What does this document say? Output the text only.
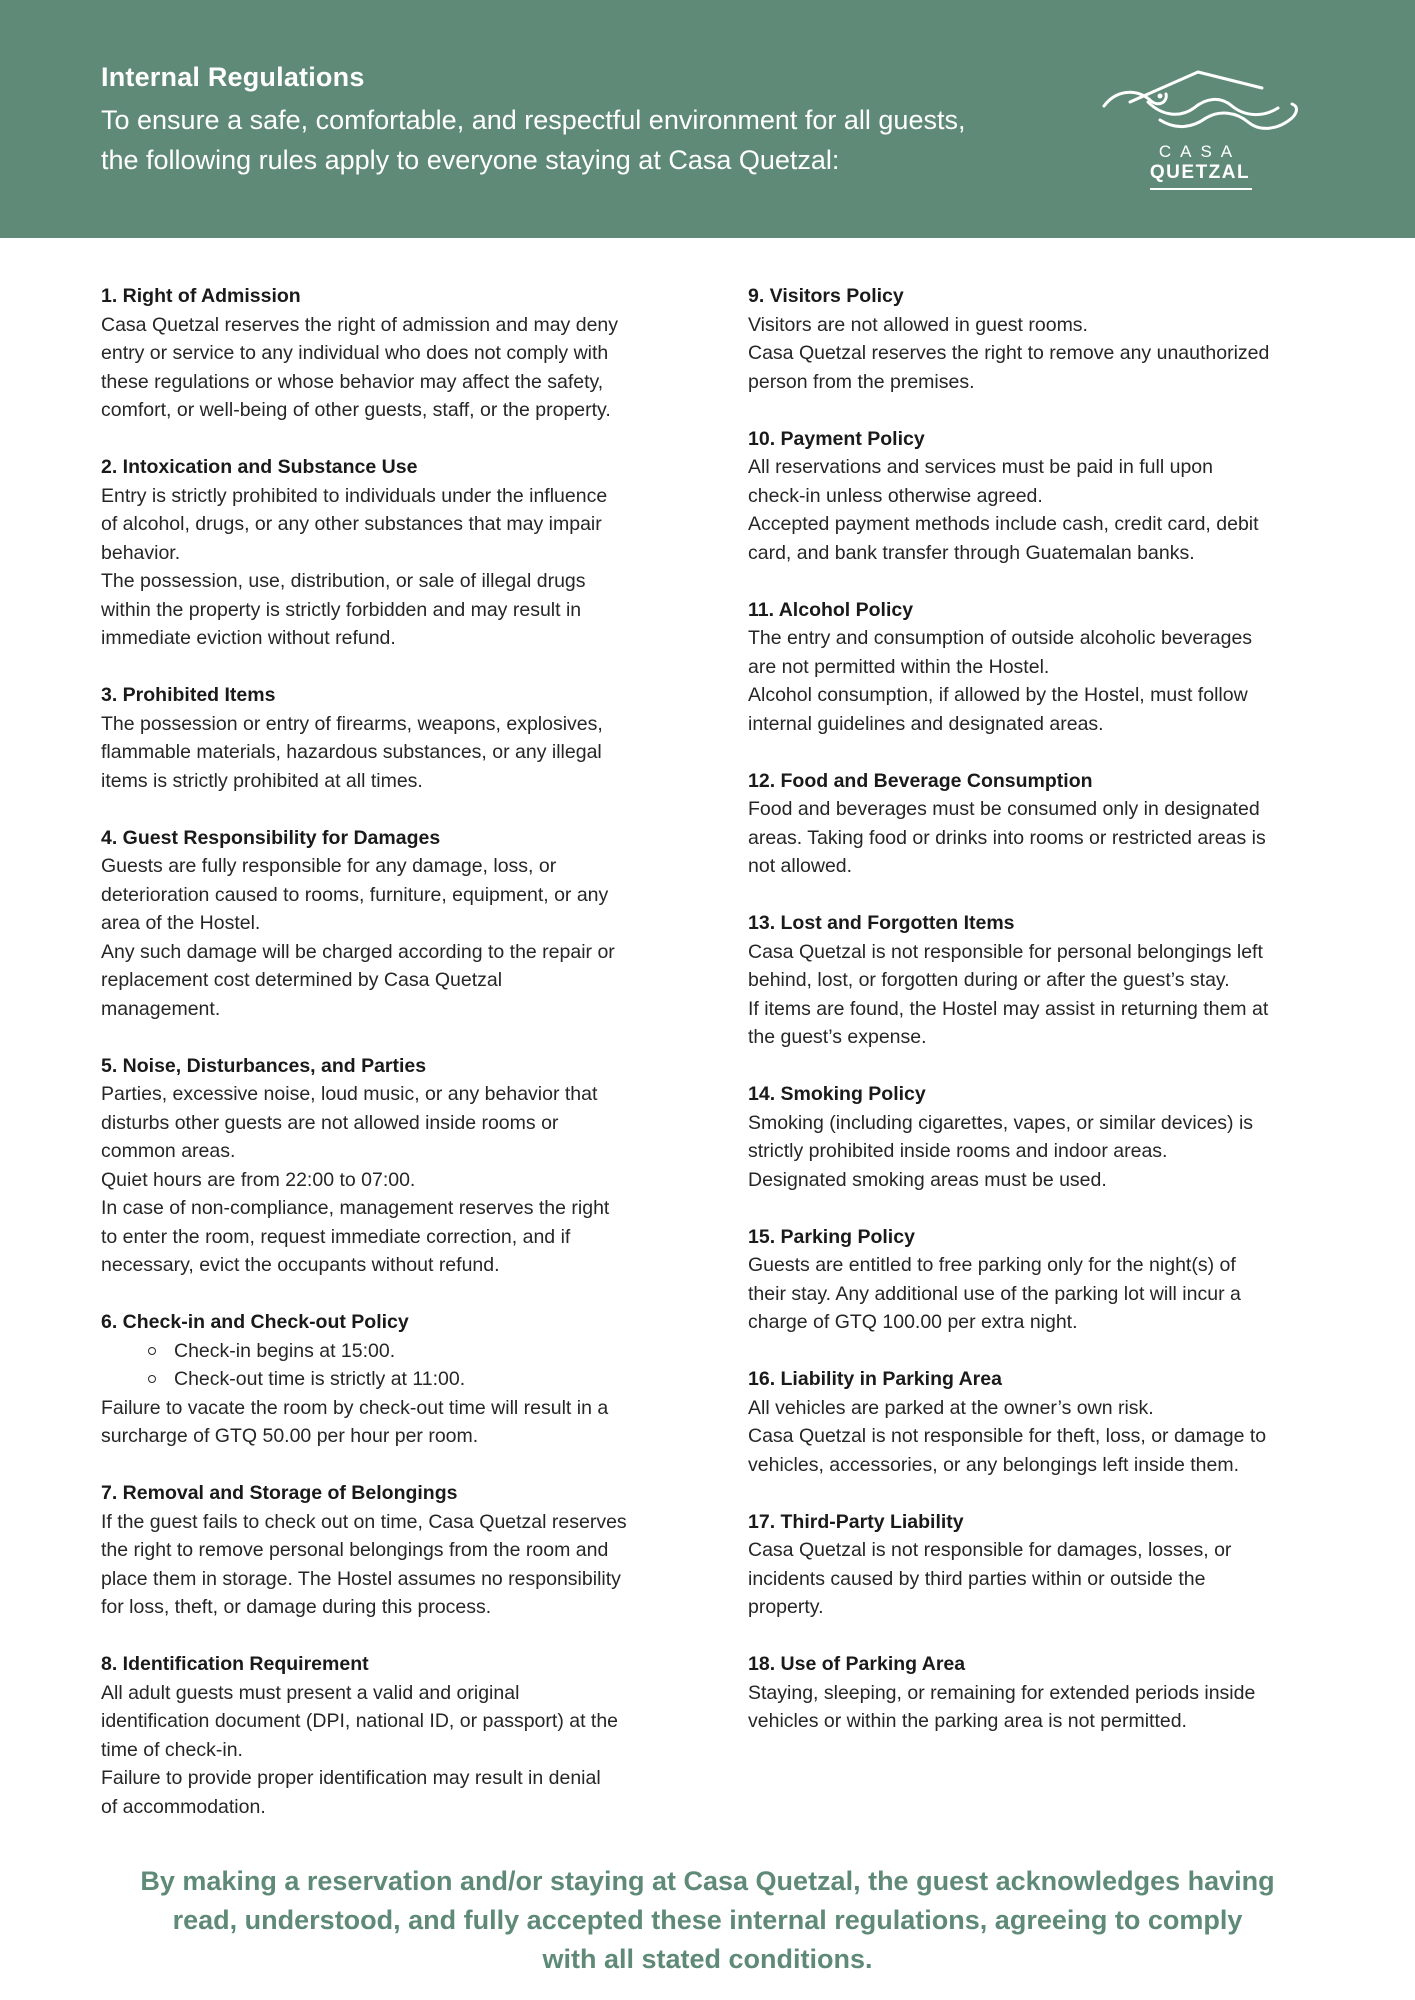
Internal Regulations
To ensure a safe, comfortable, and respectful environment for all guests,
the following rules apply to everyone staying at Casa Quetzal:	CASA
QUETZAL
1. Right of Admission

Casa Quetzal reserves the right of admission and may deny

entry or service to any individual who does not comply with

these regulations or whose behavior may affect the safety,

comfort, or well-being of other guests, staff, or the property.

2. Intoxication and Substance Use

Entry is strictly prohibited to individuals under the influence

of alcohol, drugs, or any other substances that may impair

behavior.

The possession, use, distribution, or sale of illegal drugs

within the property is strictly forbidden and may result in

immediate eviction without refund.

3. Prohibited Items

The possession or entry of firearms, weapons, explosives,

flammable materials, hazardous substances, or any illegal

items is strictly prohibited at all times.

4. Guest Responsibility for Damages

Guests are fully responsible for any damage, loss, or

deterioration caused to rooms, furniture, equipment, or any

area of the Hostel.

Any such damage will be charged according to the repair or

replacement cost determined by Casa Quetzal

management.

5. Noise, Disturbances, and Parties

Parties, excessive noise, loud music, or any behavior that

disturbs other guests are not allowed inside rooms or

common areas.

Quiet hours are from 22:00 to 07:00.

In case of non-compliance, management reserves the right

to enter the room, request immediate correction, and if

necessary, evict the occupants without refund.

6. Check-in and Check-out Policy
Check-in begins at 15:00.
Check-out time is strictly at 11:00.

Failure to vacate the room by check-out time will result in a

surcharge of GTQ 50.00 per hour per room.

7. Removal and Storage of Belongings

If the guest fails to check out on time, Casa Quetzal reserves

the right to remove personal belongings from the room and

place them in storage. The Hostel assumes no responsibility

for loss, theft, or damage during this process.

8. Identification Requirement

All adult guests must present a valid and original

identification document (DPI, national ID, or passport) at the

time of check-in.

Failure to provide proper identification may result in denial

of accommodation.

9. Visitors Policy

Visitors are not allowed in guest rooms.

Casa Quetzal reserves the right to remove any unauthorized

person from the premises.

10. Payment Policy

All reservations and services must be paid in full upon

check-in unless otherwise agreed.

Accepted payment methods include cash, credit card, debit

card, and bank transfer through Guatemalan banks.

11. Alcohol Policy

The entry and consumption of outside alcoholic beverages

are not permitted within the Hostel.

Alcohol consumption, if allowed by the Hostel, must follow

internal guidelines and designated areas.

12. Food and Beverage Consumption

Food and beverages must be consumed only in designated

areas. Taking food or drinks into rooms or restricted areas is

not allowed.

13. Lost and Forgotten Items

Casa Quetzal is not responsible for personal belongings left

behind, lost, or forgotten during or after the guest’s stay.

If items are found, the Hostel may assist in returning them at

the guest’s expense.

14. Smoking Policy

Smoking (including cigarettes, vapes, or similar devices) is

strictly prohibited inside rooms and indoor areas.

Designated smoking areas must be used.

15. Parking Policy

Guests are entitled to free parking only for the night(s) of

their stay. Any additional use of the parking lot will incur a

charge of GTQ 100.00 per extra night.

16. Liability in Parking Area

All vehicles are parked at the owner’s own risk.

Casa Quetzal is not responsible for theft, loss, or damage to

vehicles, accessories, or any belongings left inside them.

17. Third-Party Liability

Casa Quetzal is not responsible for damages, losses, or

incidents caused by third parties within or outside the

property.

18. Use of Parking Area

Staying, sleeping, or remaining for extended periods inside

vehicles or within the parking area is not permitted.

By making a reservation and/or staying at Casa Quetzal, the guest acknowledges having
read, understood, and fully accepted these internal regulations, agreeing to comply
with all stated conditions.
